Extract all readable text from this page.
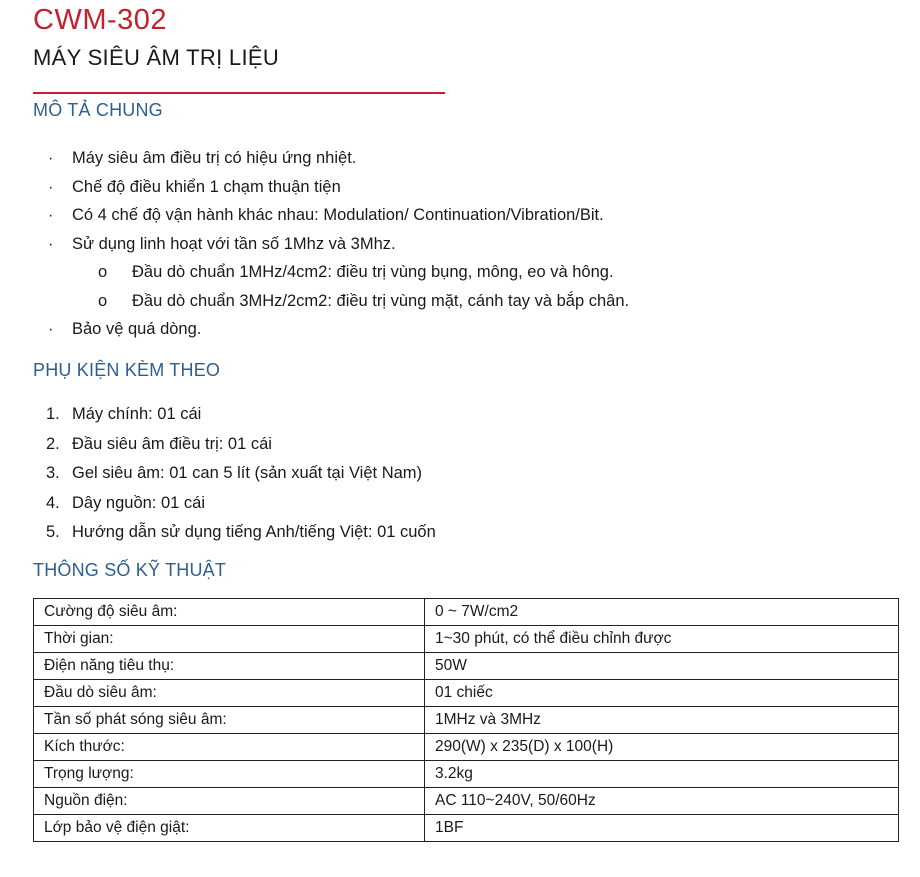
CWM-302
MÁY SIÊU ÂM TRỊ LIỆU
MÔ TẢ CHUNG
· Máy siêu âm điều trị có hiệu ứng nhiệt.
· Chế độ điều khiển 1 chạm thuận tiện
· Có 4 chế độ vận hành khác nhau: Modulation/ Continuation/Vibration/Bit.
· Sử dụng linh hoạt với tần số 1Mhz và 3Mhz.
o Đầu dò chuẩn 1MHz/4cm2: điều trị vùng bụng, mông, eo và hông.
o Đầu dò chuẩn 3MHz/2cm2: điều trị vùng mặt, cánh tay và bắp chân.
· Bảo vệ quá dòng.
PHỤ KIỆN KÈM THEO
1. Máy chính: 01 cái
2. Đầu siêu âm điều trị: 01 cái
3. Gel siêu âm: 01 can 5 lít (sản xuất tại Việt Nam)
4. Dây nguồn: 01 cái
5. Hướng dẫn sử dụng tiếng Anh/tiếng Việt: 01 cuốn
THÔNG SỐ KỸ THUẬT
Cường độ siêu âm:	0 ~ 7W/cm2
Thời gian:	1~30 phút, có thể điều chỉnh được
Điện năng tiêu thụ:	50W
Đầu dò siêu âm:	01 chiếc
Tần số phát sóng siêu âm:	1MHz và 3MHz
Kích thước:	290(W) x 235(D) x 100(H)
Trọng lượng:	3.2kg
Nguồn điện:	AC 110~240V, 50/60Hz
Lớp bảo vệ điện giật:	1BF
